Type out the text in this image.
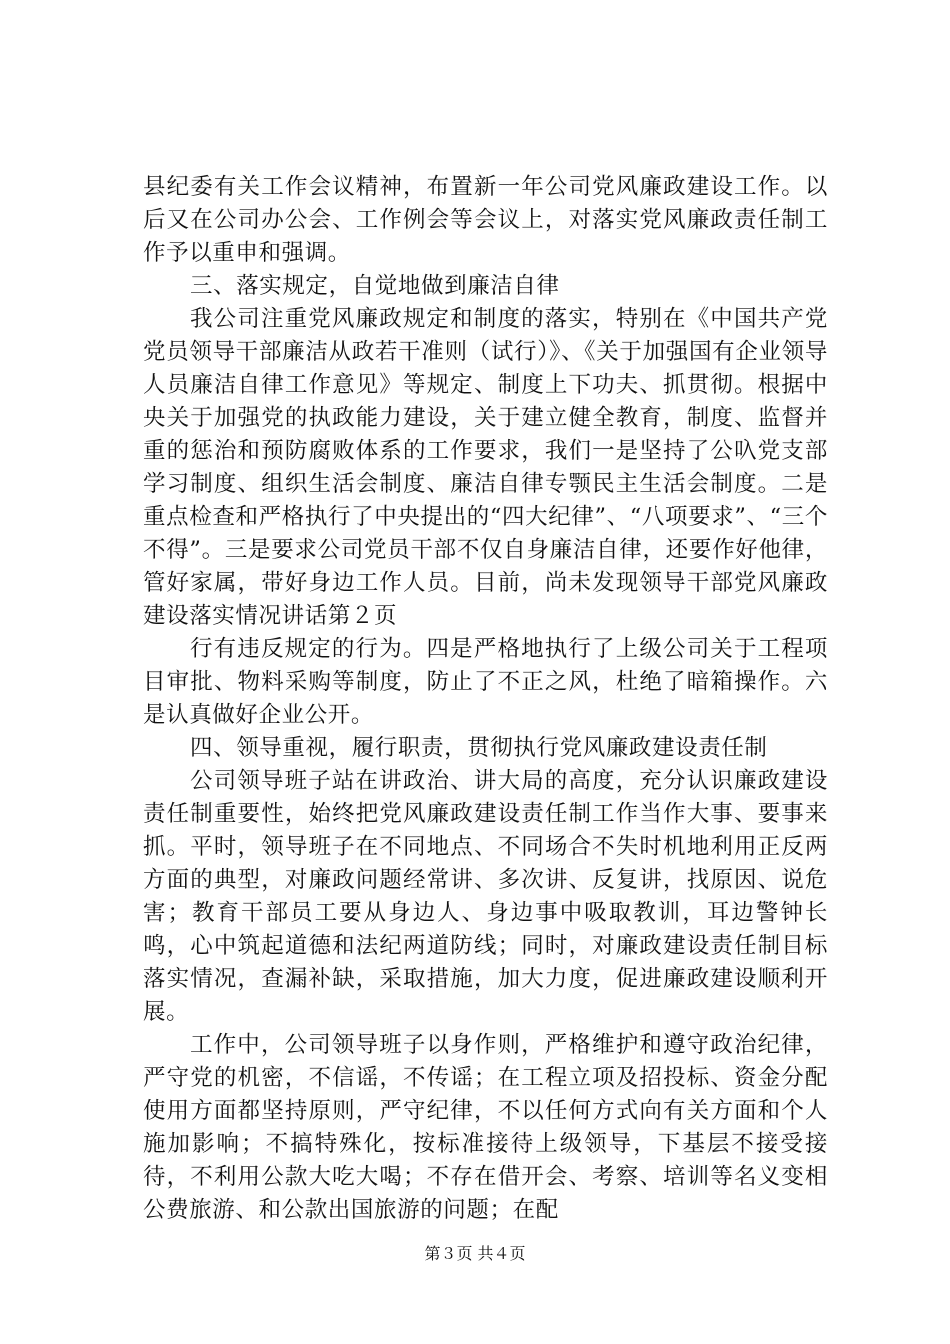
县纪委有关工作会议精神，布置新一年公司党风廉政建设工作。以后又在公司办公会、工作例会等会议上，对落实党风廉政责任制工作予以重申和强调。

三、落实规定，自觉地做到廉洁自律

我公司注重党风廉政规定和制度的落实，特别在《中国共产党党员领导干部廉洁从政若干准则（试行）》、《关于加强国有企业领导人员廉洁自律工作意见》等规定、制度上下功夫、抓贯彻。根据中央关于加强党的执政能力建设，关于建立健全教育，制度、监督并重的惩治和预防腐败体系的工作要求，我们一是坚持了公叺党支部学习制度、组织生活会制度、廉洁自律专颚民主生活会制度。二是重点检查和严格执行了中央提出的“四大纪律”、“八项要求”、“三个不得”。三是要求公司党员干部不仅自身廉洁自律，还要作好他律，管好家属，带好身边工作人员。目前，尚未发现领导干部党风廉政建设落实情况讲话第２页

行有违反规定的行为。四是严格地执行了上级公司关于工程项目审批、物料采购等制度，防止了不正之风，杜绝了暗箱操作。六是认真做好企业公开。

四、领导重视，履行职责，贯彻执行党风廉政建设责任制

公司领导班子站在讲政治、讲大局的高度，充分认识廉政建设责任制重要性，始终把党风廉政建设责任制工作当作大事、要事来抓。平时，领导班子在不同地点、不同场合不失时机地利用正反两方面的典型，对廉政问题经常讲、多次讲、反复讲，找原因、说危害；教育干部员工要从身边人、身边事中吸取教训，耳边警钟长鸣，心中筑起道德和法纪两道防线；同时，对廉政建设责任制目标落实情况，查漏补缺，采取措施，加大力度，促进廉政建设顺利开展。

工作中，公司领导班子以身作则，严格维护和遵守政治纪律，严守党的机密，不信谣，不传谣；在工程立项及招投标、资金分配使用方面都坚持原则，严守纪律，不以任何方式向有关方面和个人施加影响；不搞特殊化，按标准接待上级领导，下基层不接受接待，不利用公款大吃大喝；不存在借开会、考察、培训等名义变相公费旅游、和公款出国旅游的问题；在配

第３页 共４页
